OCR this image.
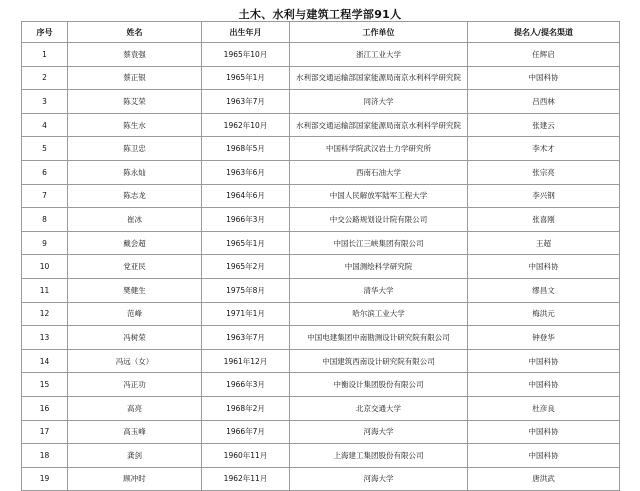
土木、水利与建筑工程学部91人
序号	姓名	出生年月	工作单位	提名人/提名渠道
1	蔡袁强	1965年10月	浙江工业大学	任辉启
2	蔡正银	1965年1月	水利部交通运输部国家能源局南京水利科学研究院	中国科协
3	陈艾荣	1963年7月	同济大学	吕西林
4	陈生水	1962年10月	水利部交通运输部国家能源局南京水利科学研究院	张建云
5	陈卫忠	1968年5月	中国科学院武汉岩土力学研究所	李术才
6	陈永灿	1963年6月	西南石油大学	张宗亮
7	陈志龙	1964年6月	中国人民解放军陆军工程大学	李兴钢
8	崔冰	1966年3月	中交公路规划设计院有限公司	张喜刚
9	戴会超	1965年1月	中国长江三峡集团有限公司	王超
10	党亚民	1965年2月	中国测绘科学研究院	中国科协
11	樊健生	1975年8月	清华大学	缪昌文
12	范峰	1971年1月	哈尔滨工业大学	梅洪元
13	冯树荣	1963年7月	中国电建集团中南勘测设计研究院有限公司	钟登华
14	冯远（女）	1961年12月	中国建筑西南设计研究院有限公司	中国科协
15	冯正功	1966年3月	中衡设计集团股份有限公司	中国科协
16	高亮	1968年2月	北京交通大学	杜彦良
17	高玉峰	1966年7月	河海大学	中国科协
18	龚剑	1960年11月	上海建工集团股份有限公司	中国科协
19	顾冲时	1962年11月	河海大学	唐洪武
